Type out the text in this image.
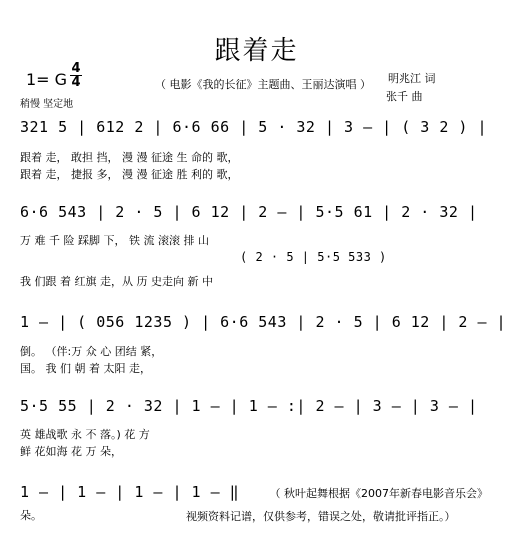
跟着走
1= G
4
4	（ 电影《我的长征》主题曲、王丽达演唱 ） 明兆江 词
张千 曲
稍慢 坚定地
321 5 | 612 2 | 6·6 66 | 5 · 32 | 3 – | ( 3 2 ) |
跟着 走， 敢担 挡， 漫 漫 征途 生 命的 歌，
跟着 走， 捷报 多， 漫 漫 征途 胜 利的 歌，
6·6 543 | 2 · 5 | 6 12 | 2 – | 5·5 61 | 2 · 32 |
万 难 千 险 踩脚 下， 铁 流 滚滚 排 山
( 2 · 5 | 5·5 533 )
我 们跟 着 红旗 走，从 历 史走向 新 中
1 – | ( 056 1235 ) | 6·6 543 | 2 · 5 | 6 12 | 2 – |
倒。 （伴:万 众 心 团结 紧，
国。 我 们 朝 着 太阳 走，
5·5 55 | 2 · 32 | 1 – | 1 – :| 2 – | 3 – | 3 – |
英 雄战歌 永 不 落。) 花 方
鲜 花如海 花 万 朵，
1 – | 1 – | 1 – | 1 – ‖	（ 秋叶起舞根据《2007年新春电影音乐会》
朵。	视频资料记谱，仅供参考，错误之处，敬请批评指正。）
